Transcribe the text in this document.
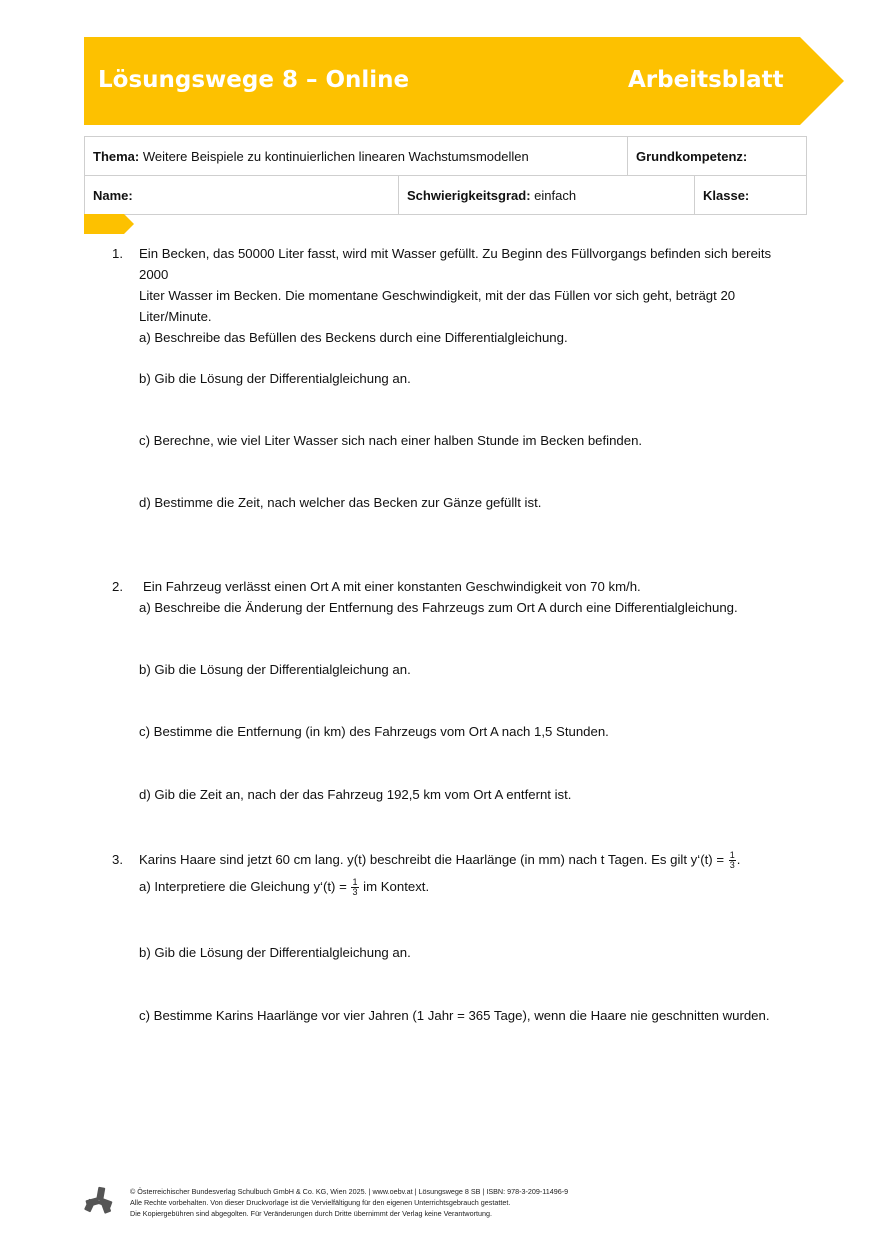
Lösungswege 8 – Online	Arbeitsblatt
Thema: Weitere Beispiele zu kontinuierlichen linearen Wachstumsmodellen		Grundkompetenz:	
Name:	Schwierigkeitsgrad: einfach		Klasse:
1. Ein Becken, das 50000 Liter fasst, wird mit Wasser gefüllt. Zu Beginn des Füllvorgangs befinden sich bereits 2000
Liter Wasser im Becken. Die momentane Geschwindigkeit, mit der das Füllen vor sich geht, beträgt 20
Liter/Minute.
a) Beschreibe das Befüllen des Beckens durch eine Differentialgleichung.
b) Gib die Lösung der Differentialgleichung an.
c) Berechne, wie viel Liter Wasser sich nach einer halben Stunde im Becken befinden.
d) Bestimme die Zeit, nach welcher das Becken zur Gänze gefüllt ist.
2. Ein Fahrzeug verlässt einen Ort A mit einer konstanten Geschwindigkeit von 70 km/h.
a) Beschreibe die Änderung der Entfernung des Fahrzeugs zum Ort A durch eine Differentialgleichung.
b) Gib die Lösung der Differentialgleichung an.
c) Bestimme die Entfernung (in km) des Fahrzeugs vom Ort A nach 1,5 Stunden.
d) Gib die Zeit an, nach der das Fahrzeug 192,5 km vom Ort A entfernt ist.
3. Karins Haare sind jetzt 60 cm lang. y(t) beschreibt die Haarlänge (in mm) nach t Tagen. Es gilt y‘(t) = $\frac{1}{3}$ .
a) Interpretiere die Gleichung y‘(t) = $\frac{1}{3}$ im Kontext.
b) Gib die Lösung der Differentialgleichung an.
c) Bestimme Karins Haarlänge vor vier Jahren (1 Jahr = 365 Tage), wenn die Haare nie geschnitten wurden.
© Österreichischer Bundesverlag Schulbuch GmbH & Co. KG, Wien 2025. | www.oebv.at | Lösungswege 8 SB | ISBN: 978-3-209-11496-9
Alle Rechte vorbehalten. Von dieser Druckvorlage ist die Vervielfältigung für den eigenen Unterrichtsgebrauch gestattet.
Die Kopiergebühren sind abgegolten. Für Veränderungen durch Dritte übernimmt der Verlag keine Verantwortung.
